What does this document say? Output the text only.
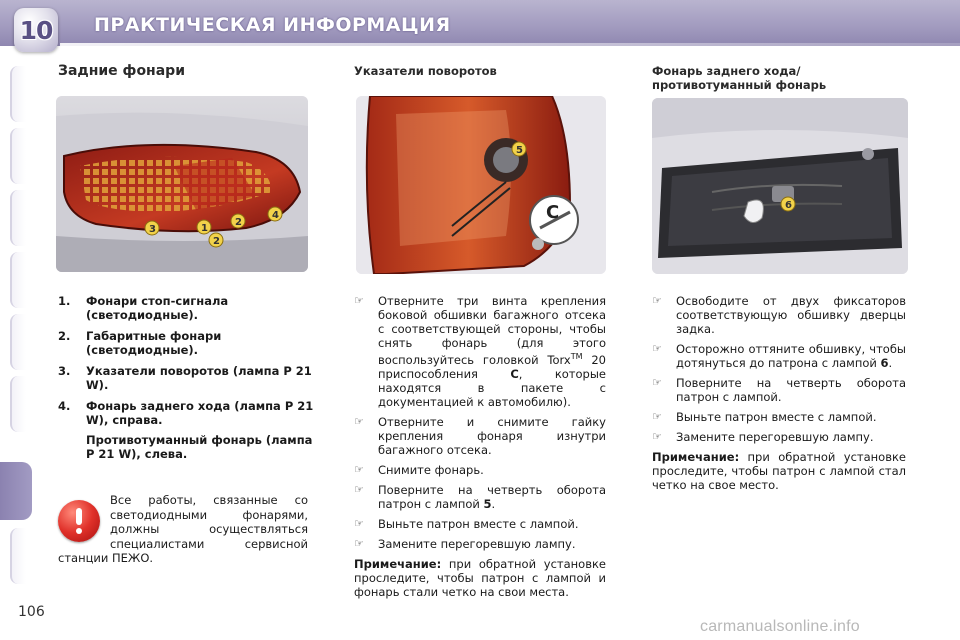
ПРАКТИЧЕСКАЯ ИНФОРМАЦИЯ
10
Задние фонари
3	1
2
2
4
1.	Фонари стоп-сигнала (светодиодные).
2.	Габаритные фонари (светодиодные).
3.	Указатели поворотов (лампа P 21 W).
4.	Фонарь заднего хода (лампа P 21 W), справа.
Противотуманный фонарь (лампа P 21 W), слева.
Все работы, связанные со светодиодными фонарями, должны осуществляться специалистами сервисной станции ПЕЖО.
Указатели поворотов
5
C
☞	Отверните три винта крепления боковой обшивки багажного отсека с соответствующей стороны, чтобы снять фонарь (для этого воспользуйтесь головкой Torx™ 20 приспособления C, которые находятся в пакете с документацией к автомобилю).
☞	Отверните и снимите гайку крепления фонаря изнутри багажного отсека.
☞	Снимите фонарь.
☞	Поверните на четверть оборота патрон с лампой 5.
☞	Выньте патрон вместе с лампой.
☞	Замените перегоревшую лампу.
Примечание: при обратной установке проследите, чтобы патрон с лампой и фонарь стали четко на свои места.
Фонарь заднего хода/
противотуманный фонарь
6
☞	Освободите от двух фиксаторов соответствующую обшивку дверцы задка.
☞	Осторожно оттяните обшивку, чтобы дотянуться до патрона с лампой 6.
☞	Поверните на четверть оборота патрон с лампой.
☞	Выньте патрон вместе с лампой.
☞	Замените перегоревшую лампу.
Примечание: при обратной установке проследите, чтобы патрон с лампой стал четко на свое место.
106
carmanualsonline.info
